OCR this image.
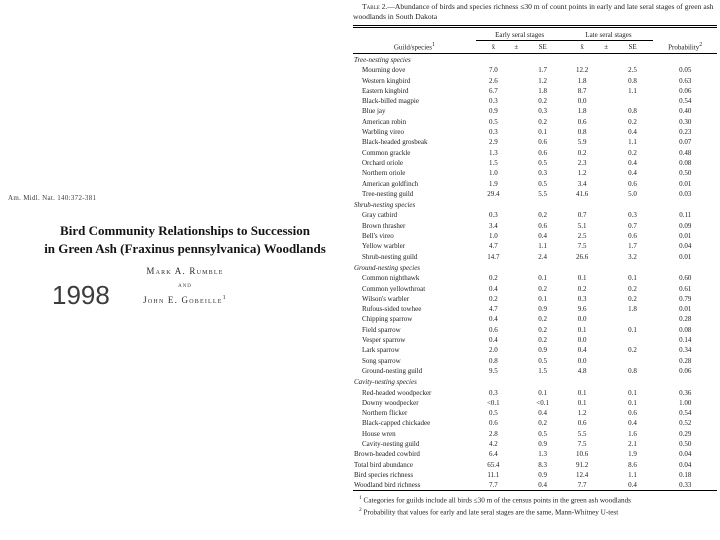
Am. Midl. Nat. 140:372-381
Bird Community Relationships to Succession
in Green Ash (Fraxinus pennsylvanica) Woodlands
Mark A. Rumble
and
John E. Gobeille$^1$
1998

Table 2.—Abundance of birds and species richness ≤30 m of count points in early and late seral stages of green ash woodlands in South Dakota

	Early seral stages			Late seral stages			
Guild/species$^1$	x̄	±	SE	x̄	±	SE	Probability$^2$
Tree-nesting species							
Mourning dove	7.0		1.7	12.2		2.5	0.05
Western kingbird	2.6		1.2	1.8		0.8	0.63
Eastern kingbird	6.7		1.8	8.7		1.1	0.06
Black-billed magpie	0.3		0.2	0.0			0.54
Blue jay	0.9		0.3	1.8		0.8	0.40
American robin	0.5		0.2	0.6		0.2	0.30
Warbling vireo	0.3		0.1	0.8		0.4	0.23
Black-headed grosbeak	2.9		0.6	5.9		1.1	0.07
Common grackle	1.3		0.6	0.2		0.2	0.48
Orchard oriole	1.5		0.5	2.3		0.4	0.08
Northern oriole	1.0		0.3	1.2		0.4	0.50
American goldfinch	1.9		0.5	3.4		0.6	0.01
Tree-nesting guild	29.4		5.5	41.6		5.0	0.03
Shrub-nesting species							
Gray catbird	0.3		0.2	0.7		0.3	0.11
Brown thrasher	3.4		0.6	5.1		0.7	0.09
Bell's vireo	1.0		0.4	2.5		0.6	0.01
Yellow warbler	4.7		1.1	7.5		1.7	0.04
Shrub-nesting guild	14.7		2.4	26.6		3.2	0.01
Ground-nesting species							
Common nighthawk	0.2		0.1	0.1		0.1	0.60
Common yellowthroat	0.4		0.2	0.2		0.2	0.61
Wilson's warbler	0.2		0.1	0.3		0.2	0.79
Rufous-sided towhee	4.7		0.9	9.6		1.8	0.01
Chipping sparrow	0.4		0.2	0.0			0.28
Field sparrow	0.6		0.2	0.1		0.1	0.08
Vesper sparrow	0.4		0.2	0.0			0.14
Lark sparrow	2.0		0.9	0.4		0.2	0.34
Song sparrow	0.8		0.5	0.0			0.28
Ground-nesting guild	9.5		1.5	4.8		0.8	0.06
Cavity-nesting species							
Red-headed woodpecker	0.3		0.1	0.1		0.1	0.36
Downy woodpecker	<0.1		<0.1	0.1		0.1	1.00
Northern flicker	0.5		0.4	1.2		0.6	0.54
Black-capped chickadee	0.6		0.2	0.6		0.4	0.52
House wren	2.8		0.5	5.5		1.6	0.29
Cavity-nesting guild	4.2		0.9	7.5		2.1	0.50
Brown-headed cowbird	6.4		1.3	10.6		1.9	0.04
Total bird abundance	65.4		8.3	91.2		8.6	0.04
Bird species richness	11.1		0.9	12.4		1.1	0.18
Woodland bird richness	7.7		0.4	7.7		0.4	0.33

$^1$ Categories for guilds include all birds ≤30 m of the census points in the green ash woodlands

$^2$ Probability that values for early and late seral stages are the same, Mann-Whitney U-test
